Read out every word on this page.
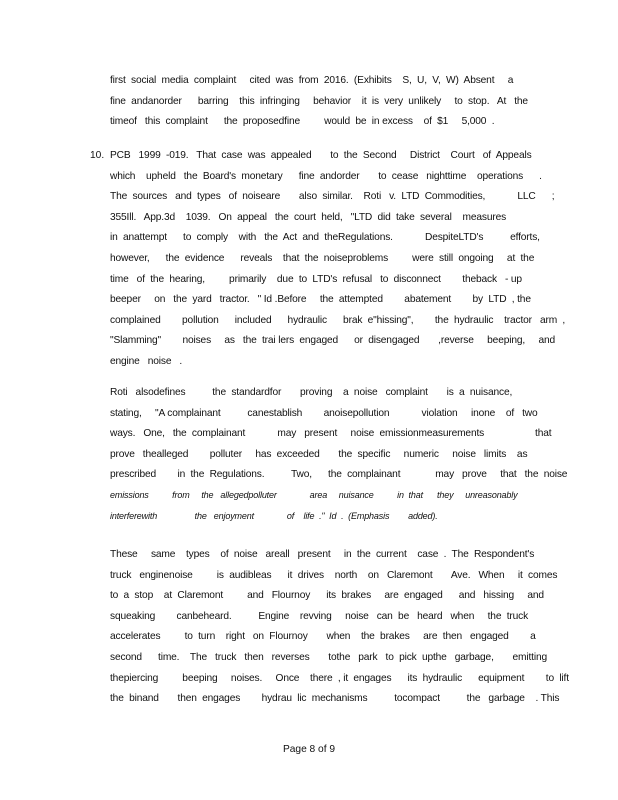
first  social  media  complaint     cited  was  from  2016.  (Exhibits    S,  U,  V,  W)  Absent     a
fine  andanorder      barring    this  infringing     behavior    it  is  very  unlikely     to  stop.   At   the
timeof   this  complaint      the  proposedfine         would  be  in excess    of  $1     5,000  .
10. PCB   1999  -019.   That  case  was  appealed       to  the  Second     District    Court   of  Appeals
which    upheld   the  Board's  monetary      fine  andorder       to  cease   nighttime    operations      .
The  sources   and  types   of  noiseare       also  similar.    Roti   v.  LTD  Commodities,            LLC      ;
355Ill.   App.3d    1039.   On  appeal   the  court  held,   "LTD  did  take  several    measures
in  anattempt      to  comply    with   the  Act  and  theRegulations.            DespiteLTD's          efforts,
however,      the  evidence      reveals    that  the  noiseproblems         were  still  ongoing     at  the
time   of  the  hearing,         primarily    due  to  LTD's  refusal   to  disconnect        theback   - up
beeper     on   the  yard   tractor.   " Id .Before     the  attempted        abatement        by  LTD  , the
complained        pollution      included      hydraulic      brak  e"hissing",        the  hydraulic    tractor   arm  ,
"Slamming"        noises     as   the  trai lers  engaged      or  disengaged       ,reverse     beeping,     and
engine   noise   .
Roti   alsodefines          the  standardfor       proving    a  noise   complaint       is  a  nuisance,
stating,     "A complainant          canestablish        anoisepollution            violation     inone    of   two
ways.   One,   the  complainant            may   present     noise  emissionmeasurements                   that
prove   thealleged        polluter     has  exceeded       the  specific     numeric     noise   limits    as
prescribed        in  the  Regulations.          Two,      the  complainant             may   prove     that   the  noise
emissions          from     the   allegedpolluter              area     nuisance          in  that      they     unreasonably
interferewith                the   enjoyment              of    life  ."  Id  .  (Emphasis        added).
These     same    types    of  noise   areall   present     in  the  current    case  .  The  Respondent's
truck   enginenoise         is  audibleas      it  drives    north    on   Claremont       Ave.   When     it  comes
to  a  stop    at  Claremont         and   Flournoy      its  brakes     are  engaged      and   hissing     and
squeaking        canbeheard.          Engine    revving     noise   can  be   heard   when     the  truck
accelerates         to  turn    right   on  Flournoy       when    the  brakes     are  then   engaged        a
second      time.    The   truck   then   reverses       tothe   park   to  pick  upthe   garbage,       emitting
thepiercing         beeping     noises.     Once    there  , it  engages      its  hydraulic      equipment        to  lift
the  binand       then  engages        hydrau  lic  mechanisms          tocompact          the   garbage    . This
Page 8 of 9
